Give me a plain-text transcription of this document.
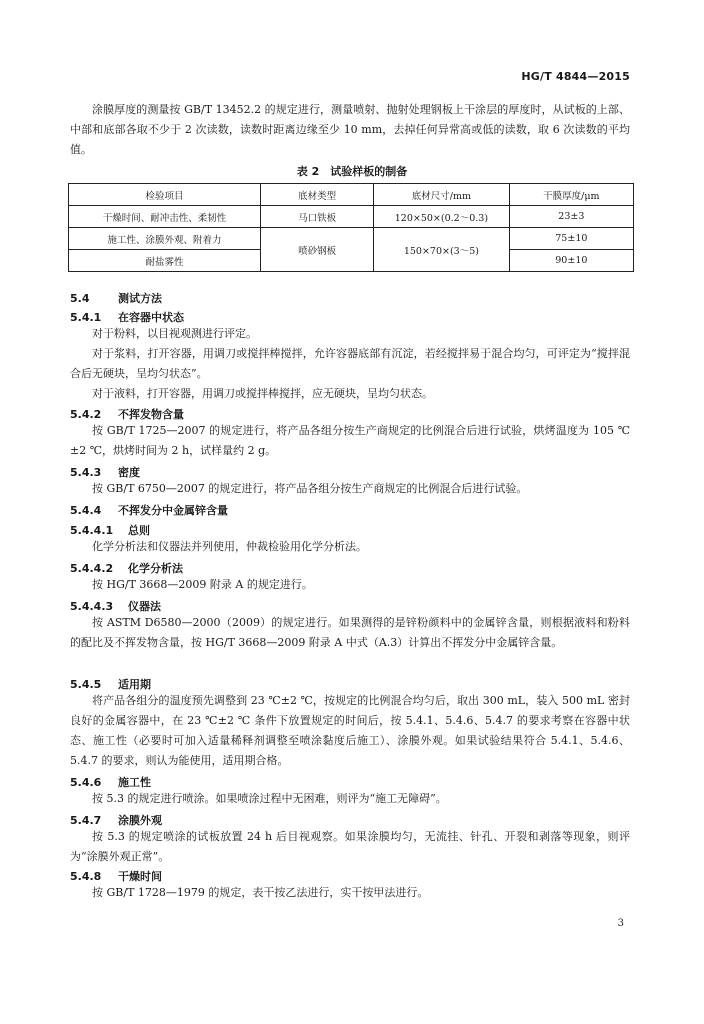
HG/T 4844—2015
涂膜厚度的测量按 GB/T 13452.2 的规定进行，测量喷射、抛射处理钢板上干涂层的厚度时，从试板的上部、中部和底部各取不少于 2 次读数，读数时距离边缘至少 10 mm，去掉任何异常高或低的读数，取 6 次读数的平均值。
表 2　试验样板的制备
检验项目	底材类型	底材尺寸/mm	干膜厚度/μm
干燥时间、耐冲击性、柔韧性	马口铁板	120×50×(0.2～0.3)	23±3
施工性、涂膜外观、附着力	喷砂钢板	150×70×(3～5)	75±10
耐盐雾性			90±10
5.4	测试方法
5.4.1 在容器中状态
对于粉料，以目视观测进行评定。
对于浆料，打开容器，用调刀或搅拌棒搅拌，允许容器底部有沉淀，若经搅拌易于混合均匀，可评定为“搅拌混合后无硬块，呈均匀状态”。
对于液料，打开容器，用调刀或搅拌棒搅拌，应无硬块，呈均匀状态。
5.4.2 不挥发物含量
按 GB/T 1725—2007 的规定进行，将产品各组分按生产商规定的比例混合后进行试验，烘烤温度为 105 ℃±2 ℃，烘烤时间为 2 h，试样量约 2 g。
5.4.3 密度
按 GB/T 6750—2007 的规定进行，将产品各组分按生产商规定的比例混合后进行试验。
5.4.4 不挥发分中金属锌含量
5.4.4.1 总则
化学分析法和仪器法并列使用，仲裁检验用化学分析法。
5.4.4.2 化学分析法
按 HG/T 3668—2009 附录 A 的规定进行。
5.4.4.3 仪器法
按 ASTM D6580—2000（2009）的规定进行。如果测得的是锌粉颜料中的金属锌含量，则根据液料和粉料的配比及不挥发物含量，按 HG/T 3668—2009 附录 A 中式（A.3）计算出不挥发分中金属锌含量。
5.4.5 适用期
将产品各组分的温度预先调整到 23 ℃±2 ℃，按规定的比例混合均匀后，取出 300 mL，装入 500 mL 密封良好的金属容器中，在 23 ℃±2 ℃ 条件下放置规定的时间后，按 5.4.1、5.4.6、5.4.7 的要求考察在容器中状态、施工性（必要时可加入适量稀释剂调整至喷涂黏度后施工）、涂膜外观。如果试验结果符合 5.4.1、5.4.6、5.4.7 的要求，则认为能使用，适用期合格。
5.4.6 施工性
按 5.3 的规定进行喷涂。如果喷涂过程中无困难，则评为“施工无障碍”。
5.4.7 涂膜外观
按 5.3 的规定喷涂的试板放置 24 h 后目视观察。如果涂膜均匀，无流挂、针孔、开裂和剥落等现象，则评为“涂膜外观正常”。
5.4.8 干燥时间
按 GB/T 1728—1979 的规定，表干按乙法进行，实干按甲法进行。
3
